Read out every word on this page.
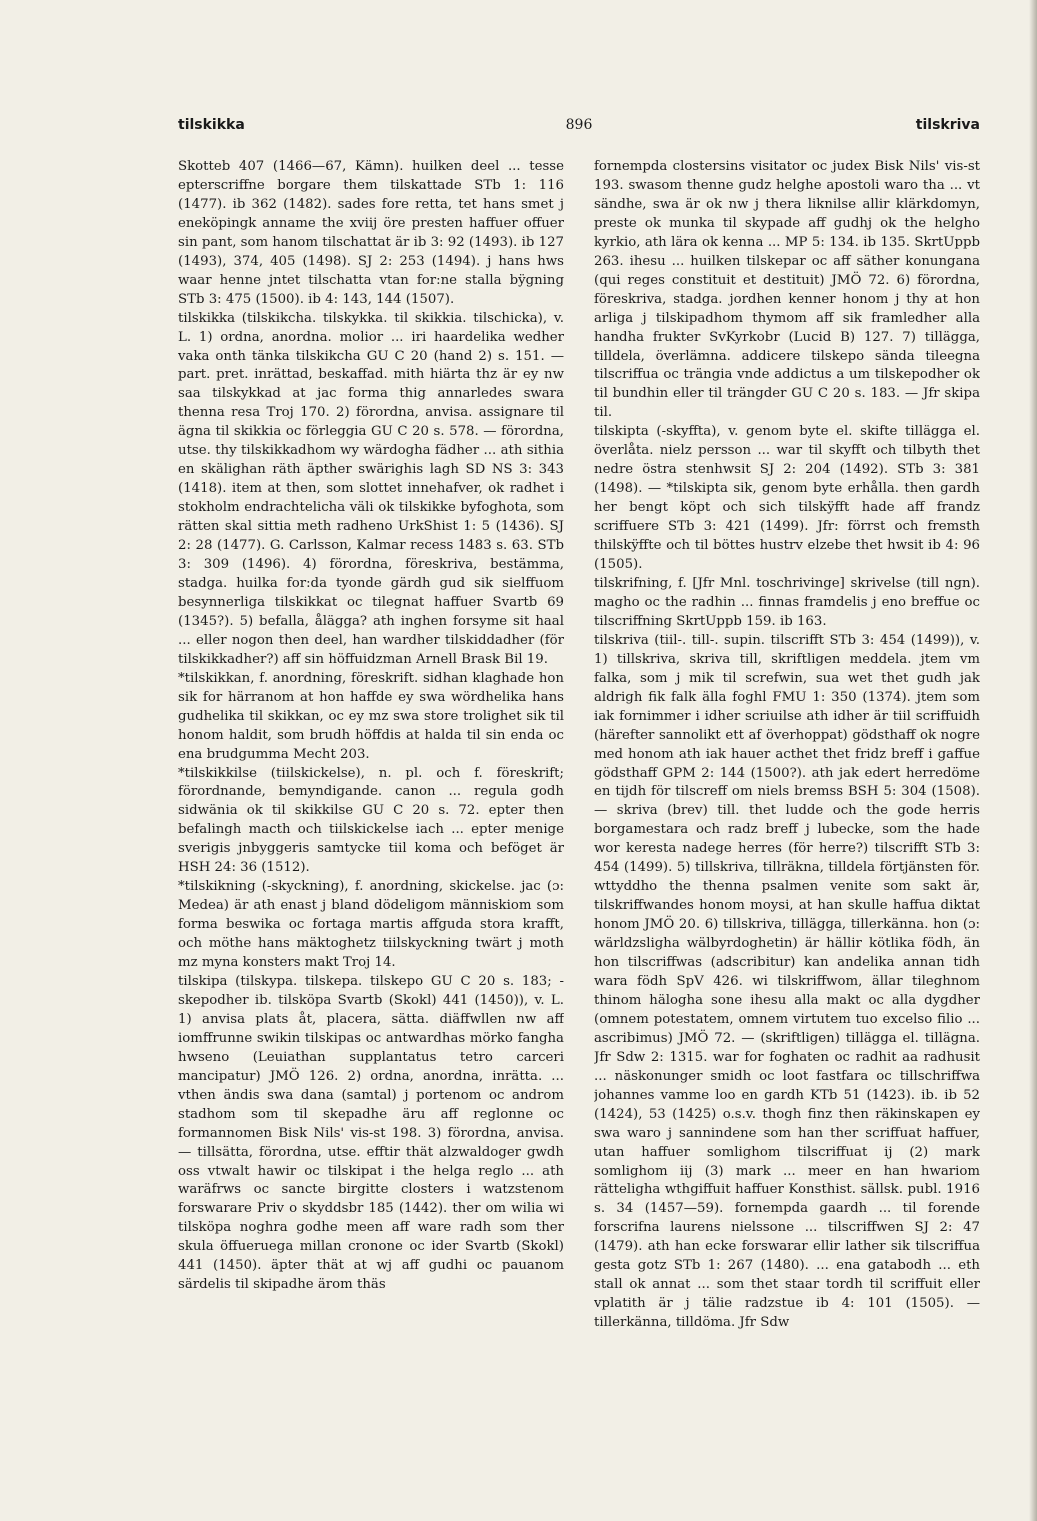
tilskikka	896	tilskriva

Skotteb 407 (1466—67, Kämn). huilken deel ... tesse epterscriffne borgare them tilskattade STb 1: 116 (1477). ib 362 (1482). sades fore retta, tet hans smet j eneköpingk anname the xviij öre presten haffuer offuer sin pant, som hanom tilschattat är ib 3: 92 (1493). ib 127 (1493), 374, 405 (1498). SJ 2: 253 (1494). j hans hws waar henne jntet tilschatta vtan for:ne stalla bÿgning STb 3: 475 (1500). ib 4: 143, 144 (1507).

tilskikka (tilskikcha. tilskykka. til skikkia. tilschicka), v. L. 1) ordna, anordna. molior ... iri haardelika wedher vaka onth tänka tilskikcha GU C 20 (hand 2) s. 151. — part. pret. inrättad, beskaffad. mith hiärta thz är ey nw saa tilskykkad at jac forma thig annarledes swara thenna resa Troj 170. 2) förordna, anvisa. assignare til ägna til skikkia oc förleggia GU C 20 s. 578. — förordna, utse. thy tilskikkadhom wy wärdogha fädher ... ath sithia en skälighan räth äpther swärighis lagh SD NS 3: 343 (1418). item at then, som slottet innehafver, ok radhet i stokholm endrachtelicha väli ok tilskikke byfoghota, som rätten skal sittia meth radheno UrkShist 1: 5 (1436). SJ 2: 28 (1477). G. Carlsson, Kalmar recess 1483 s. 63. STb 3: 309 (1496). 4) förordna, föreskriva, bestämma, stadga. huilka for:da tyonde gärdh gud sik sielffuom besynnerliga tilskikkat oc tilegnat haffuer Svartb 69 (1345?). 5) befalla, ålägga? ath inghen forsyme sit haal ... eller nogon then deel, han wardher tilskiddadher (för tilskikkadher?) aff sin höffuidzman Arnell Brask Bil 19.

*tilskikkan, f. anordning, föreskrift. sidhan klaghade hon sik for härranom at hon haffde ey swa wördhelika hans gudhelika til skikkan, oc ey mz swa store trolighet sik til honom haldit, som brudh höffdis at halda til sin enda oc ena brudgumma Mecht 203.

*tilskikkilse (tiilskickelse), n. pl. och f. föreskrift; förordnande, bemyndigande. canon ... regula godh sidwänia ok til skikkilse GU C 20 s. 72. epter then befalingh macth och tiilskickelse iach ... epter menige sverigis jnbyggeris samtycke tiil koma och beföget är HSH 24: 36 (1512).

*tilskikning (-skyckning), f. anordning, skickelse. jac (ɔ: Medea) är ath enast j bland dödeligom människiom som forma beswika oc fortaga martis affguda stora krafft, och möthe hans mäktoghetz tiilskyckning twärt j moth mz myna konsters makt Troj 14.

tilskipa (tilskypa. tilskepa. tilskepo GU C 20 s. 183; -skepodher ib. tilsköpa Svartb (Skokl) 441 (1450)), v. L. 1) anvisa plats åt, placera, sätta. diäffwllen nw aff iomffrunne swikin tilskipas oc antwardhas mörko fangha hwseno (Leuiathan supplantatus tetro carceri mancipatur) JMÖ 126. 2) ordna, anordna, inrätta. ... vthen ändis swa dana (samtal) j portenom oc androm stadhom som til skepadhe äru aff reglonne oc formannomen Bisk Nils' vis-st 198. 3) förordna, anvisa. — tillsätta, förordna, utse. efftir thät alzwaldoger gwdh oss vtwalt hawir oc tilskipat i the helga reglo ... ath waräfrws oc sancte birgitte closters i watzstenom forswarare Priv o skyddsbr 185 (1442). ther om wilia wi tilsköpa noghra godhe meen aff ware radh som ther skula öffueruega millan cronone oc ider Svartb (Skokl) 441 (1450). äpter thät at wj aff gudhi oc pauanom särdelis til skipadhe ärom thäs

fornempda clostersins visitator oc judex Bisk Nils' vis-st 193. swasom thenne gudz helghe apostoli waro tha ... vt sändhe, swa är ok nw j thera liknilse allir klärkdomyn, preste ok munka til skypade aff gudhj ok the helgho kyrkio, ath lära ok kenna ... MP 5: 134. ib 135. SkrtUppb 263. ihesu ... huilken tilskepar oc aff säther konungana (qui reges constituit et destituit) JMÖ 72. 6) förordna, föreskriva, stadga. jordhen kenner honom j thy at hon arliga j tilskipadhom thymom aff sik framledher alla handha frukter SvKyrkobr (Lucid B) 127. 7) tillägga, tilldela, överlämna. addicere tilskepo sända tileegna tilscriffua oc trängia vnde addictus a um tilskepodher ok til bundhin eller til trängder GU C 20 s. 183. — Jfr skipa til.

tilskipta (-skyffta), v. genom byte el. skifte tillägga el. överlåta. nielz persson ... war til skyfft och tilbyth thet nedre östra stenhwsit SJ 2: 204 (1492). STb 3: 381 (1498). — *tilskipta sik, genom byte erhålla. then gardh her bengt köpt och sich tilskÿfft hade aff frandz scriffuere STb 3: 421 (1499). Jfr: förrst och fremsth thilskÿffte och til böttes hustrv elzebe thet hwsit ib 4: 96 (1505).

tilskrifning, f. [Jfr Mnl. toschrivinge] skrivelse (till ngn). magho oc the radhin ... finnas framdelis j eno breffue oc tilscriffning SkrtUppb 159. ib 163.

tilskriva (tiil-. till-. supin. tilscrifft STb 3: 454 (1499)), v. 1) tillskriva, skriva till, skriftligen meddela. jtem vm falka, som j mik til screfwin, sua wet thet gudh jak aldrigh fik falk älla foghl FMU 1: 350 (1374). jtem som iak fornimmer i idher scriuilse ath idher är tiil scriffuidh (härefter sannolikt ett af överhoppat) gödsthaff ok nogre med honom ath iak hauer acthet thet fridz breff i gaffue gödsthaff GPM 2: 144 (1500?). ath jak edert herredöme en tijdh för tilscreff om niels bremss BSH 5: 304 (1508). — skriva (brev) till. thet ludde och the gode herris borgamestara och radz breff j lubecke, som the hade wor keresta nadege herres (för herre?) tilscrifft STb 3: 454 (1499). 5) tillskriva, tillräkna, tilldela förtjänsten för. wttyddho the thenna psalmen venite som sakt är, tilskriffwandes honom moysi, at han skulle haffua diktat honom JMÖ 20. 6) tillskriva, tillägga, tillerkänna. hon (ɔ: wärldzsligha wälbyrdoghetin) är hällir kötlika födh, än hon tilscriffwas (adscribitur) kan andelika annan tidh wara födh SpV 426. wi tilskriffwom, ällar tileghnom thinom hälogha sone ihesu alla makt oc alla dygdher (omnem potestatem, omnem virtutem tuo excelso filio ... ascribimus) JMÖ 72. — (skriftligen) tillägga el. tillägna. Jfr Sdw 2: 1315. war for foghaten oc radhit aa radhusit ... näskonunger smidh oc loot fastfara oc tillschriffwa johannes vamme loo en gardh KTb 51 (1423). ib. ib 52 (1424), 53 (1425) o.s.v. thogh finz then räkinskapen ey swa waro j sannindene som han ther scriffuat haffuer, utan haffuer somlighom tilscriffuat ij (2) mark somlighom iij (3) mark ... meer en han hwariom rätteligha wthgiffuit haffuer Konsthist. sällsk. publ. 1916 s. 34 (1457—59). fornempda gaardh ... til forende forscrifna laurens nielssone ... tilscriffwen SJ 2: 47 (1479). ath han ecke forswarar ellir lather sik tilscriffua gesta gotz STb 1: 267 (1480). ... ena gatabodh ... eth stall ok annat ... som thet staar tordh til scriffuit eller vplatith är j tälie radzstue ib 4: 101 (1505). — tillerkänna, tilldöma. Jfr Sdw
